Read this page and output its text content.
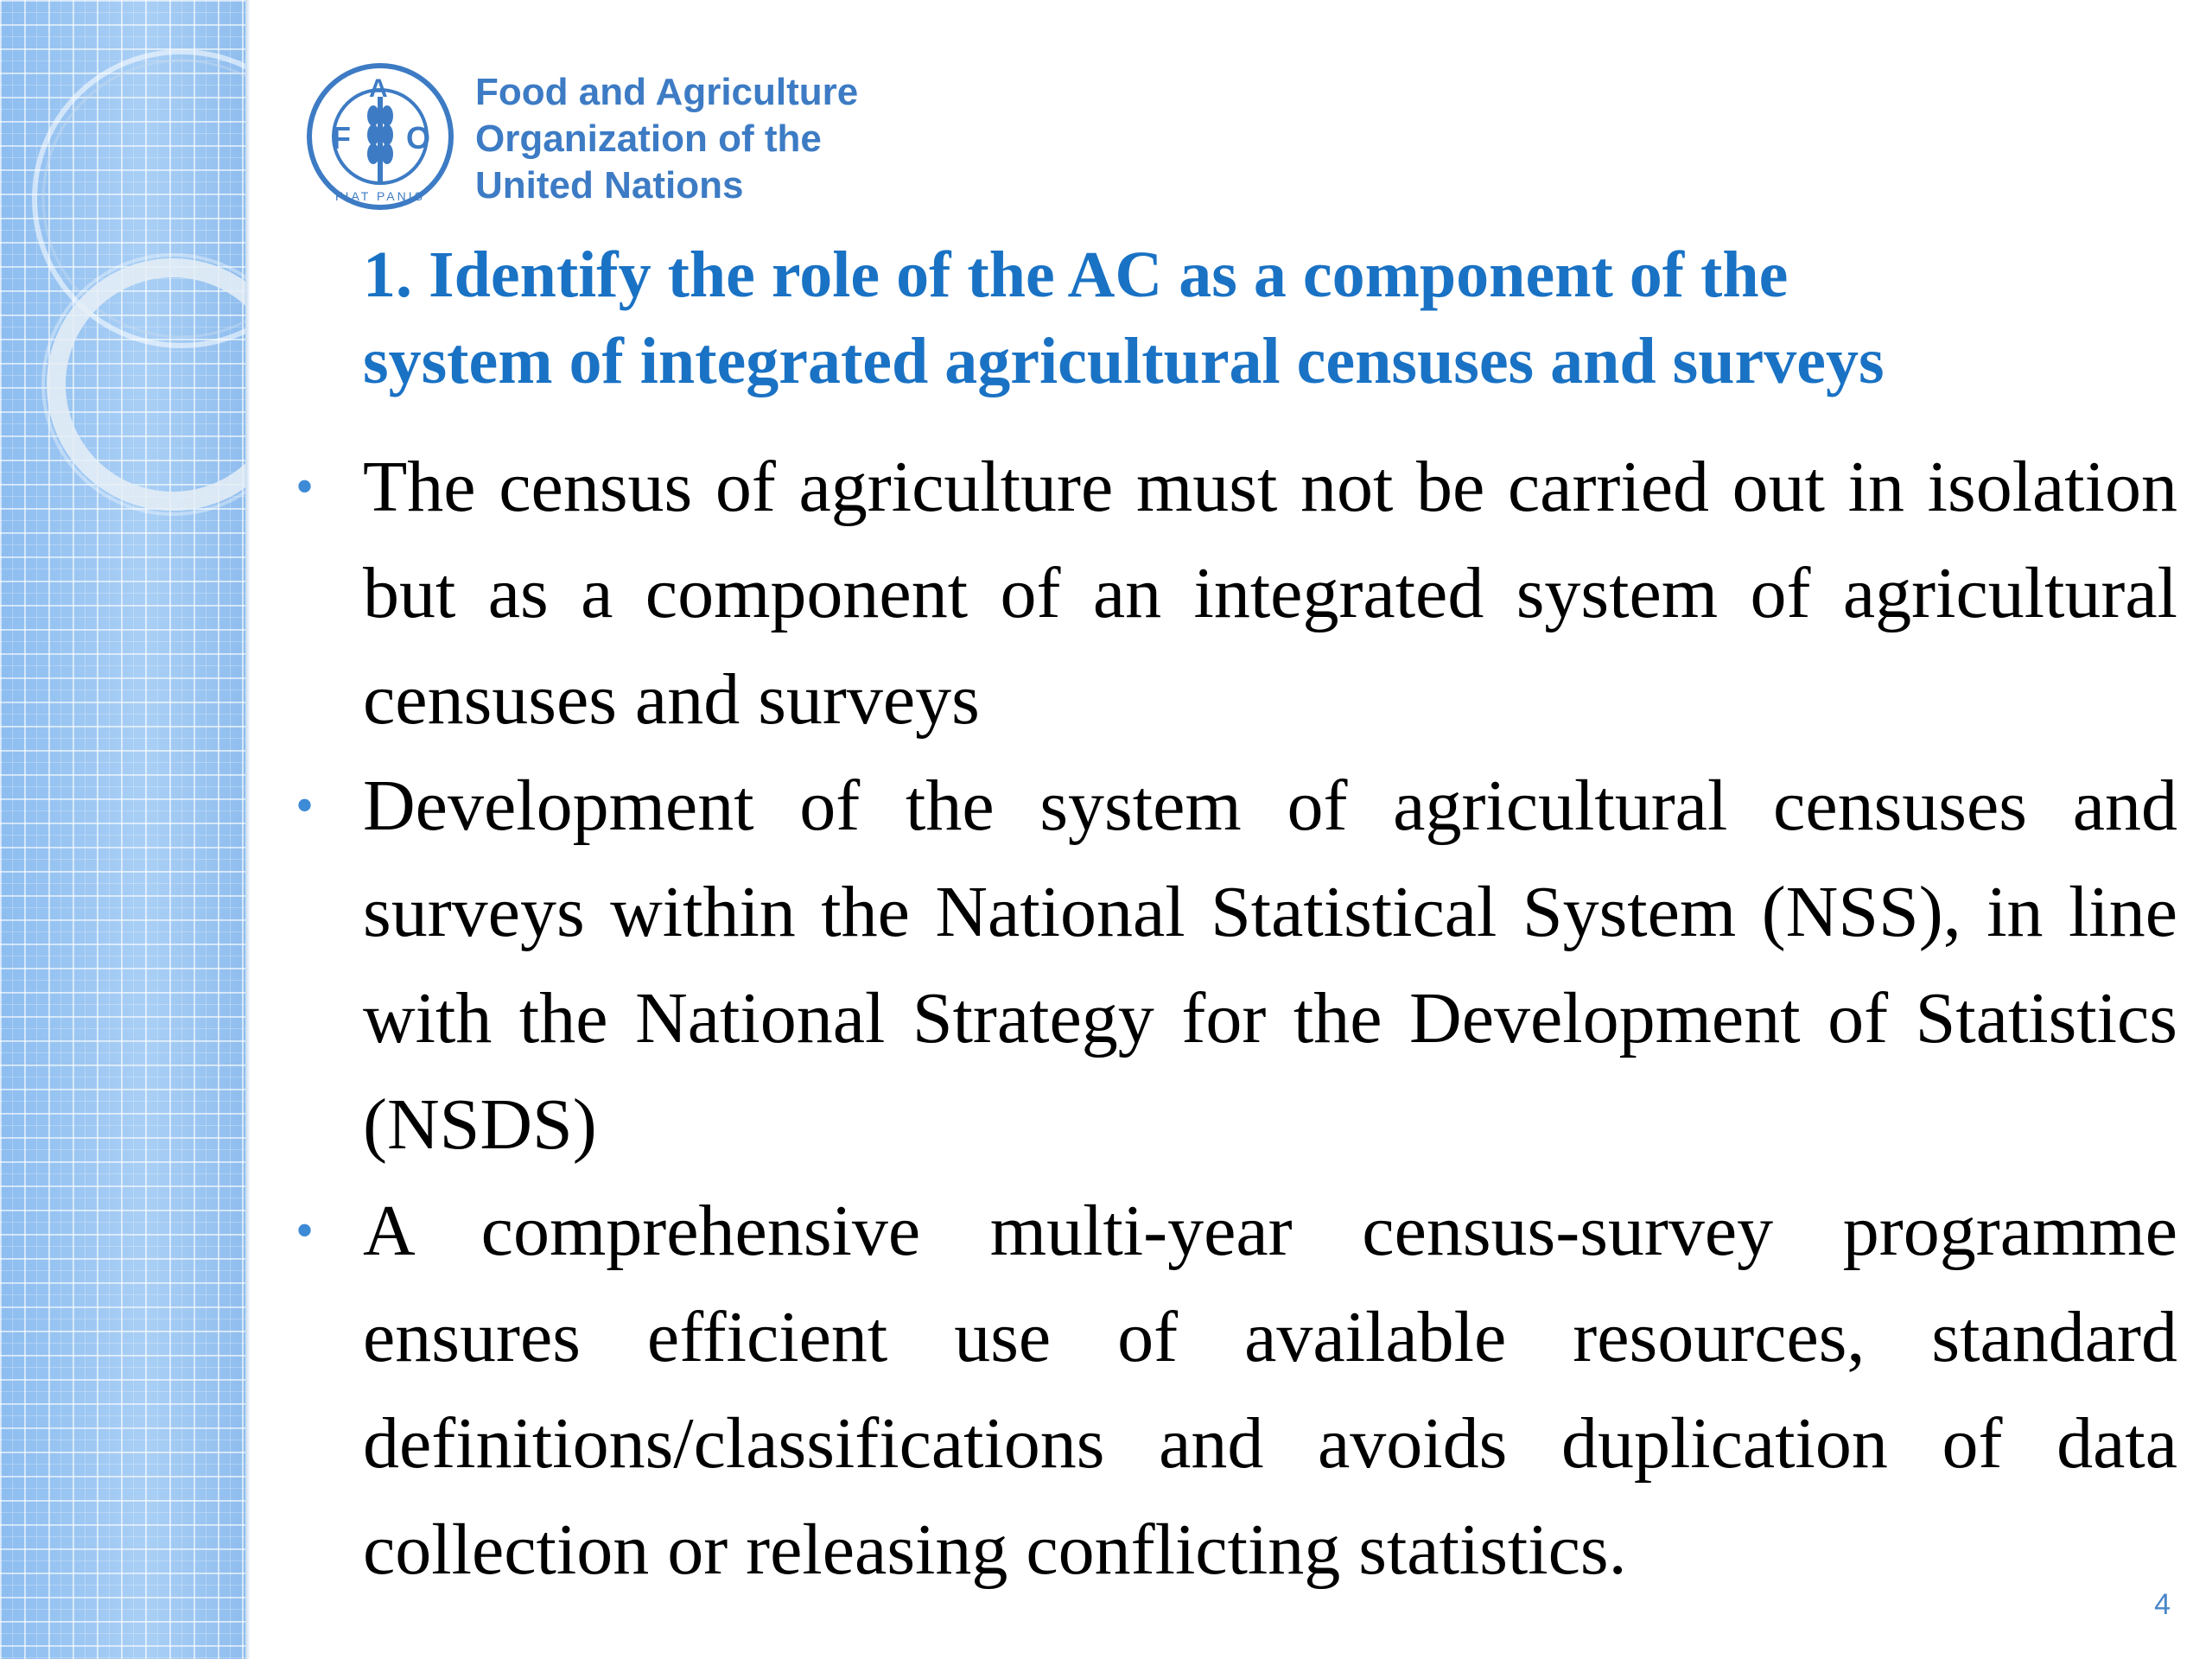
F
A
O
FIAT PANIS
Food and Agriculture
Organization of the
United Nations
1. Identify the role of the AC as a component of the
system of integrated agricultural censuses and surveys
• The census of agriculture must not be carried out in isolation but as a component of an integrated system of agricultural censuses and surveys
• Development of the system of agricultural censuses and surveys within the National Statistical System (NSS), in line with the National Strategy for the Development of Statistics (NSDS)
• A comprehensive multi-year census-survey programme ensures efficient use of available resources, standard definitions/classifications and avoids duplication of data collection or releasing conflicting statistics.
4
